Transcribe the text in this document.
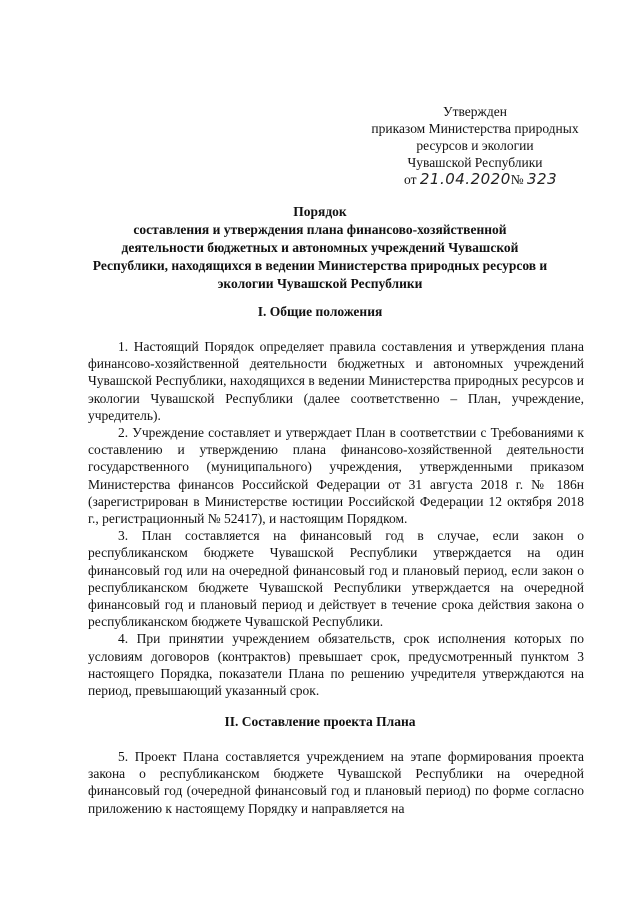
Утвержден
приказом Министерства природных
ресурсов и экологии
Чувашской Республики
от 21.04.2020№ 323
Порядок
составления и утверждения плана финансово-хозяйственной
деятельности бюджетных и автономных учреждений Чувашской
Республики, находящихся в ведении Министерства природных ресурсов и
экологии Чувашской Республики
I. Общие положения

1. Настоящий Порядок определяет правила составления и утверждения плана финансово-хозяйственной деятельности бюджетных и автономных учреждений Чувашской Республики, находящихся в ведении Министерства природных ресурсов и экологии Чувашской Республики (далее соответственно – План, учреждение, учредитель).

2. Учреждение составляет и утверждает План в соответствии с Требованиями к составлению и утверждению плана финансово-хозяйственной деятельности государственного (муниципального) учреждения, утвержденными приказом Министерства финансов Российской Федерации от 31 августа 2018 г. № 186н (зарегистрирован в Министерстве юстиции Российской Федерации 12 октября 2018 г., регистрационный № 52417), и настоящим Порядком.

3. План составляется на финансовый год в случае, если закон о республиканском бюджете Чувашской Республики утверждается на один финансовый год или на очередной финансовый год и плановый период, если закон о республиканском бюджете Чувашской Республики утверждается на очередной финансовый год и плановый период и действует в течение срока действия закона о республиканском бюджете Чувашской Республики.

4. При принятии учреждением обязательств, срок исполнения которых по условиям договоров (контрактов) превышает срок, предусмотренный пунктом 3 настоящего Порядка, показатели Плана по решению учредителя утверждаются на период, превышающий указанный срок.

II. Составление проекта Плана

5. Проект Плана составляется учреждением на этапе формирования проекта закона о республиканском бюджете Чувашской Республики на очередной финансовый год (очередной финансовый год и плановый период) по форме согласно приложению к настоящему Порядку и направляется на
